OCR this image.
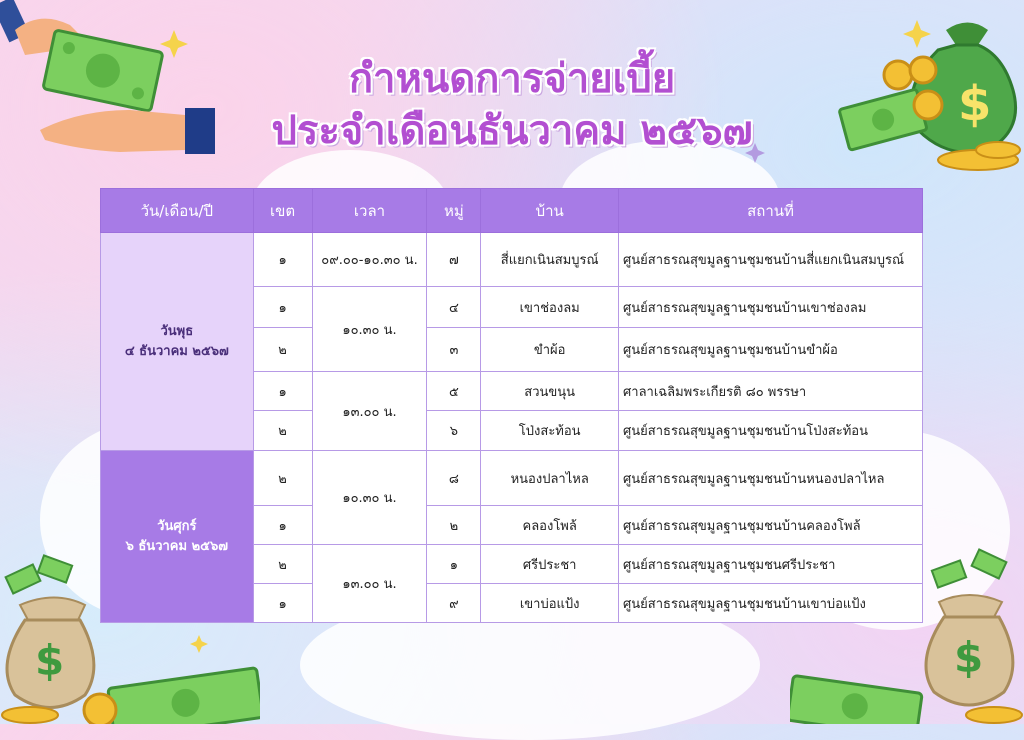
$
$	$
กำหนดการจ่ายเบี้ย
ประจำเดือนธันวาคม ๒๕๖๗
วัน/เดือน/ปี	เขต	เวลา	หมู่	บ้าน	สถานที่

วันพุธ
๔ ธันวาคม ๒๕๖๗	๑	๐๙.๐๐-๑๐.๓๐ น.	๗	สี่แยกเนินสมบูรณ์	ศูนย์สาธรณสุขมูลฐานชุมชนบ้านสี่แยกเนินสมบูรณ์
	๑	๑๐.๓๐ น.	๔	เขาช่องลม	ศูนย์สาธรณสุขมูลฐานชุมชนบ้านเขาช่องลม
	๒		๓	ขำผ้อ	ศูนย์สาธรณสุขมูลฐานชุมชนบ้านขำผ้อ
	๑	๑๓.๐๐ น.	๕	สวนขนุน	ศาลาเฉลิมพระเกียรติ ๘๐ พรรษา
	๒		๖	โป่งสะท้อน	ศูนย์สาธรณสุขมูลฐานชุมชนบ้านโป่งสะท้อน

วันศุกร์
๖ ธันวาคม ๒๕๖๗	๒	๑๐.๓๐ น.	๘	หนองปลาไหล	ศูนย์สาธรณสุขมูลฐานชุมชนบ้านหนองปลาไหล
	๑		๒	คลองโพล้	ศูนย์สาธรณสุขมูลฐานชุมชนบ้านคลองโพล้
	๒	๑๓.๐๐ น.	๑	ศรีประชา	ศูนย์สาธรณสุขมูลฐานชุมชนศรีประชา
	๑		๙	เขาบ่อแป้ง	ศูนย์สาธรณสุขมูลฐานชุมชนบ้านเขาบ่อแป้ง
